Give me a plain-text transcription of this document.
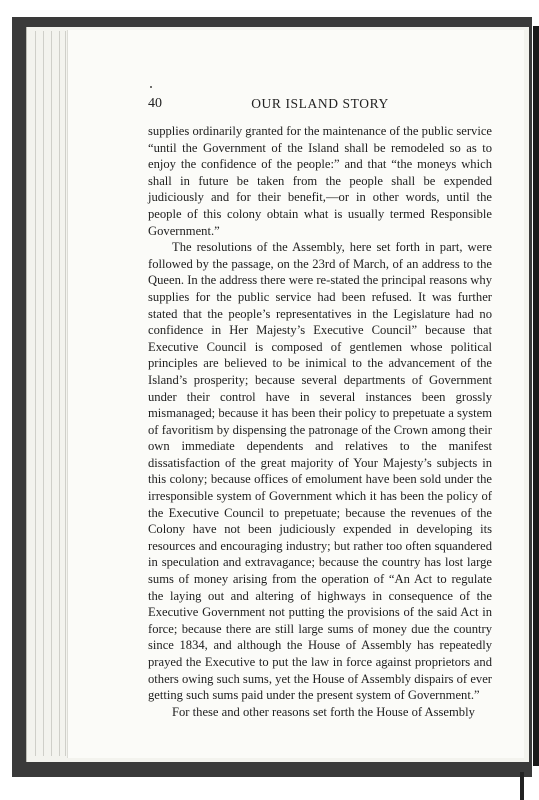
40	OUR ISLAND STORY

supplies ordinarily granted for the maintenance of the public service “until the Government of the Island shall be remodeled so as to enjoy the confidence of the people:” and that “the moneys which shall in future be taken from the people shall be expended judiciously and for their benefit,—or in other words, until the people of this colony obtain what is usually termed Responsible Government.”

The resolutions of the Assembly, here set forth in part, were followed by the passage, on the 23rd of March, of an address to the Queen. In the address there were re-stated the principal reasons why supplies for the public service had been refused. It was further stated that the people’s representatives in the Legislature had no confidence in Her Majesty’s Executive Council” because that Executive Council is composed of gentlemen whose political principles are believed to be inimical to the advancement of the Island’s prosperity; because several departments of Government under their control have in several instances been grossly mismanaged; because it has been their policy to prepetuate a system of favoritism by dispensing the patronage of the Crown among their own immediate dependents and relatives to the manifest dissatisfaction of the great majority of Your Majesty’s subjects in this colony; because offices of emolument have been sold under the irresponsible system of Government which it has been the policy of the Executive Council to prepetuate; because the revenues of the Colony have not been judiciously expended in developing its resources and encouraging industry; but rather too often squandered in speculation and extravagance; because the country has lost large sums of money arising from the operation of “An Act to regulate the laying out and altering of highways in consequence of the Executive Government not putting the provisions of the said Act in force; because there are still large sums of money due the country since 1834, and although the House of Assembly has repeatedly prayed the Executive to put the law in force against proprietors and others owing such sums, yet the House of Assembly dispairs of ever getting such sums paid under the present system of Government.”

For these and other reasons set forth the House of Assembly
